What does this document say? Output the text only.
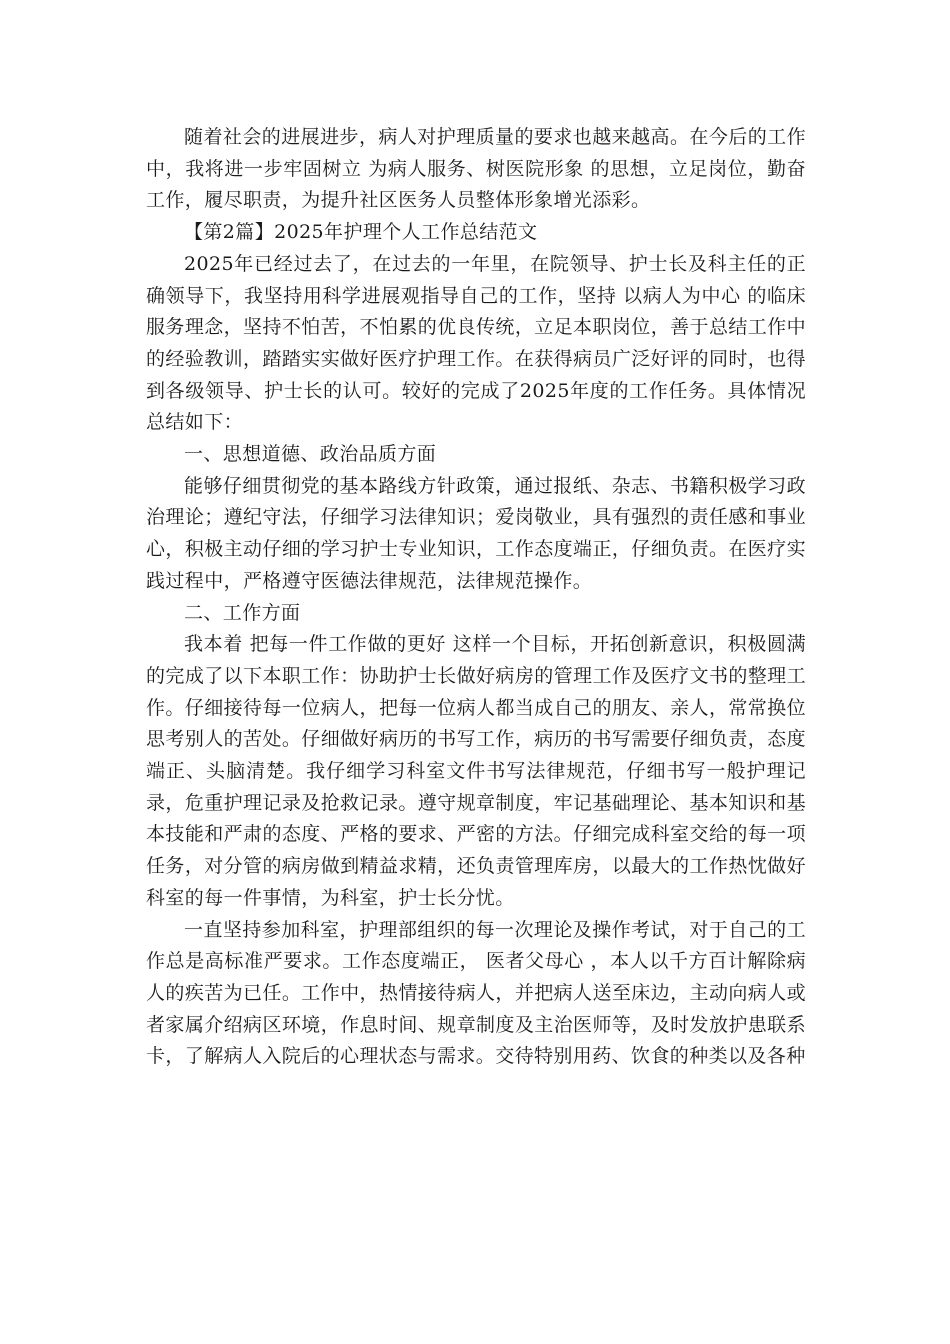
随着社会的进展进步，病人对护理质量的要求也越来越高。在今后的工作中，我将进一步牢固树立 为病人服务、树医院形象 的思想，立足岗位，勤奋工作，履尽职责，为提升社区医务人员整体形象增光添彩。

【第2篇】2025年护理个人工作总结范文

2025年已经过去了，在过去的一年里，在院领导、护士长及科主任的正确领导下，我坚持用科学进展观指导自己的工作，坚持 以病人为中心 的临床服务理念，坚持不怕苦，不怕累的优良传统，立足本职岗位，善于总结工作中的经验教训，踏踏实实做好医疗护理工作。在获得病员广泛好评的同时，也得到各级领导、护士长的认可。较好的完成了2025年度的工作任务。具体情况总结如下：

一、思想道德、政治品质方面

能够仔细贯彻党的基本路线方针政策，通过报纸、杂志、书籍积极学习政治理论；遵纪守法，仔细学习法律知识；爱岗敬业，具有强烈的责任感和事业心，积极主动仔细的学习护士专业知识，工作态度端正，仔细负责。在医疗实践过程中，严格遵守医德法律规范，法律规范操作。

二、工作方面

我本着 把每一件工作做的更好 这样一个目标，开拓创新意识，积极圆满的完成了以下本职工作：协助护士长做好病房的管理工作及医疗文书的整理工作。仔细接待每一位病人，把每一位病人都当成自己的朋友、亲人，常常换位思考别人的苦处。仔细做好病历的书写工作，病历的书写需要仔细负责，态度端正、头脑清楚。我仔细学习科室文件书写法律规范，仔细书写一般护理记录，危重护理记录及抢救记录。遵守规章制度，牢记基础理论、基本知识和基本技能和严肃的态度、严格的要求、严密的方法。仔细完成科室交给的每一项任务，对分管的病房做到精益求精，还负责管理库房，以最大的工作热忱做好科室的每一件事情，为科室，护士长分忧。

一直坚持参加科室，护理部组织的每一次理论及操作考试，对于自己的工作总是高标准严要求。工作态度端正， 医者父母心 ，本人以千方百计解除病人的疾苦为已任。工作中，热情接待病人，并把病人送至床边，主动向病人或者家属介绍病区环境，作息时间、规章制度及主治医师等，及时发放护患联系卡，了解病人入院后的心理状态与需求。交待特别用药、饮食的种类以及各种
